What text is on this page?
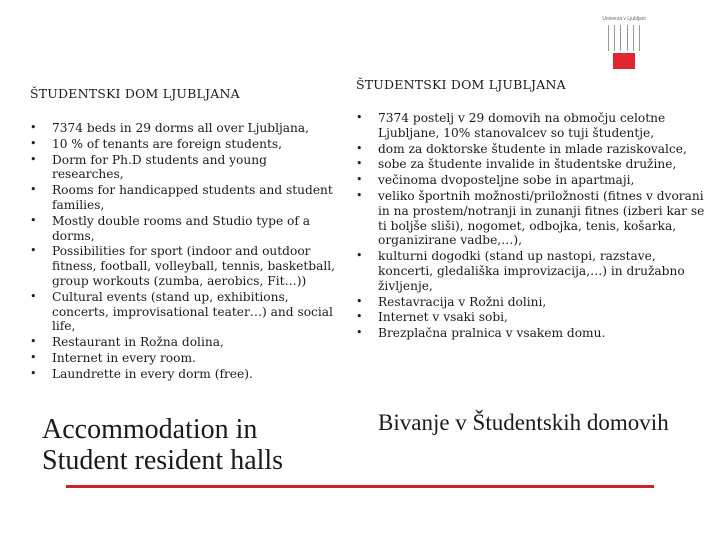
Univerza v Ljubljani
ŠTUDENTSKI DOM LJUBLJANA
• 7374 beds in 29 dorms all over Ljubljana,
• 10 % of tenants are foreign students,
• Dorm for Ph.D students and young researches,
• Rooms for handicapped students and student families,
• Mostly double rooms and Studio type of a dorms,
• Possibilities for sport (indoor and outdoor fitness, football, volleyball, tennis, basketball, group workouts (zumba, aerobics, Fit…))
• Cultural events (stand up, exhibitions, concerts, improvisational teater…) and social life,
• Restaurant in Rožna dolina,
• Internet in every room.
• Laundrette in every dorm (free).
ŠTUDENTSKI DOM LJUBLJANA
• 7374 postelj v 29 domovih na območju celotne Ljubljane, 10% stanovalcev so tuji študentje,
• dom za doktorske študente in mlade raziskovalce,
• sobe za študente invalide in študentske družine,
• večinoma dvoposteljne sobe in apartmaji,
• veliko športnih možnosti/priložnosti (fitnes v dvorani in na prostem/notranji in zunanji fitnes (izberi kar se ti boljše sliši), nogomet, odbojka, tenis, košarka, organizirane vadbe,…),
• kulturni dogodki (stand up nastopi, razstave, koncerti, gledališka improvizacija,…) in družabno življenje,
• Restavracija v Rožni dolini,
• Internet v vsaki sobi,
• Brezplačna pralnica v vsakem domu.
Accommodation in Student resident halls
Bivanje v Študentskih domovih
